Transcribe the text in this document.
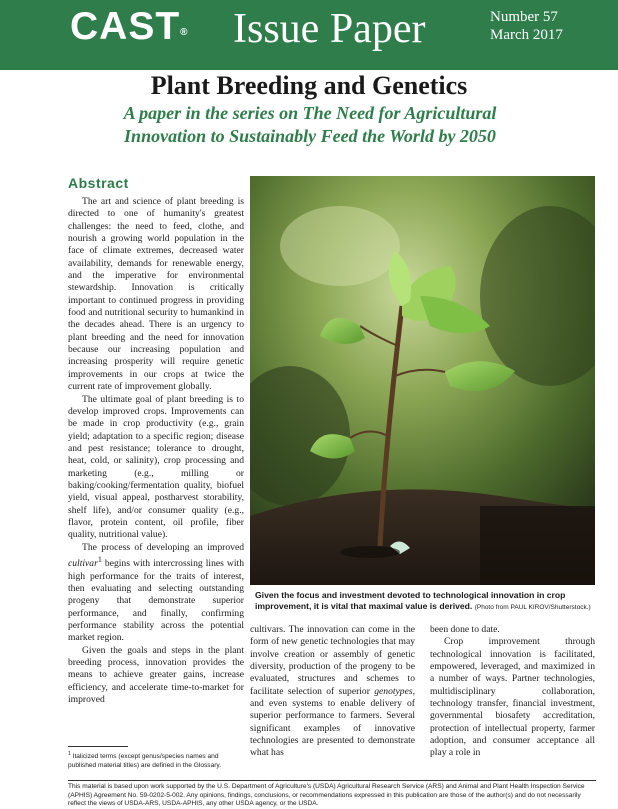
CAST® Issue Paper	Number 57
March 2017
Plant Breeding and Genetics
A paper in the series on The Need for Agricultural Innovation to Sustainably Feed the World by 2050
Abstract

The art and science of plant breeding is directed to one of humanity's greatest challenges: the need to feed, clothe, and nourish a growing world population in the face of climate extremes, decreased water availability, demands for renewable energy, and the imperative for environmental stewardship. Innovation is critically important to continued progress in providing food and nutritional security to humankind in the decades ahead. There is an urgency to plant breeding and the need for innovation because our increasing population and increasing prosperity will require genetic improvements in our crops at twice the current rate of improvement globally.

The ultimate goal of plant breeding is to develop improved crops. Improvements can be made in crop productivity (e.g., grain yield; adaptation to a specific region; disease and pest resistance; tolerance to drought, heat, cold, or salinity), crop processing and marketing (e.g., milling or baking/cooking/fermentation quality, biofuel yield, visual appeal, postharvest storability, shelf life), and/or consumer quality (e.g., flavor, protein content, oil profile, fiber quality, nutritional value).

The process of developing an improved cultivar$^1$ begins with intercrossing lines with high performance for the traits of interest, then evaluating and selecting outstanding progeny that demonstrate superior performance, and finally, confirming performance stability across the potential market region.

Given the goals and steps in the plant breeding process, innovation provides the means to achieve greater gains, increase efficiency, and accelerate time-to-market for improved

Given the focus and investment devoted to technological innovation in crop improvement, it is vital that maximal value is derived. (Photo from PAUL KIROV/Shutterstock.)

cultivars. The innovation can come in the form of new genetic technologies that may involve creation or assembly of genetic diversity, production of the progeny to be evaluated, structures and schemes to facilitate selection of superior genotypes, and even systems to enable delivery of superior performance to farmers. Several significant examples of innovative technologies are presented to demonstrate what has

been done to date.

Crop improvement through technological innovation is facilitated, empowered, leveraged, and maximized in a number of ways. Partner technologies, multidisciplinary collaboration, technology transfer, financial investment, governmental biosafety accreditation, protection of intellectual property, farmer adoption, and consumer acceptance all play a role in

$^1$ Italicized terms (except genus/species names and published material titles) are defined in the Glossary.
This material is based upon work supported by the U.S. Department of Agriculture's (USDA) Agricultural Research Service (ARS) and Animal and Plant Health Inspection Service (APHIS) Agreement No. 59-0202-5-002. Any opinions, findings, conclusions, or recommendations expressed in this publication are those of the author(s) and do not necessarily reflect the views of USDA-ARS, USDA-APHIS, any other USDA agency, or the USDA.
